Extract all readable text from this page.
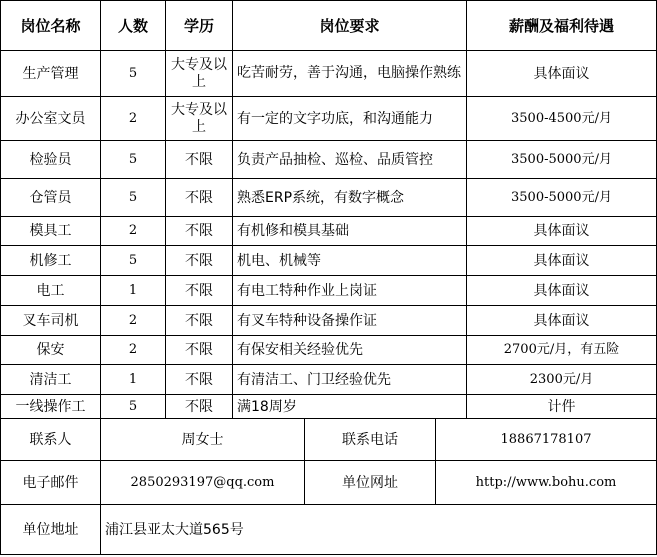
岗位名称	人数	学历	岗位要求			薪酬及福利待遇
生产管理	5	大专及以上	吃苦耐劳，善于沟通，电脑操作熟练			具体面议
办公室文员	2	大专及以上	有一定的文字功底，和沟通能力			3500-4500元/月
检验员	5	不限	负责产品抽检、巡检、品质管控			3500-5000元/月
仓管员	5	不限	熟悉ERP系统，有数字概念			3500-5000元/月
模具工	2	不限	有机修和模具基础			具体面议
机修工	5	不限	机电、机械等			具体面议
电工	1	不限	有电工特种作业上岗证			具体面议
叉车司机	2	不限	有叉车特种设备操作证			具体面议
保安	2	不限	有保安相关经验优先			2700元/月，有五险
清洁工	1	不限	有清洁工、门卫经验优先			2300元/月
一线操作工	5	不限	满18周岁			计件
联系人	周女士			联系电话	18867178107	
电子邮件	2850293197@qq.com			单位网址	http://www.bohu.com	
单位地址	浦江县亚太大道565号					
